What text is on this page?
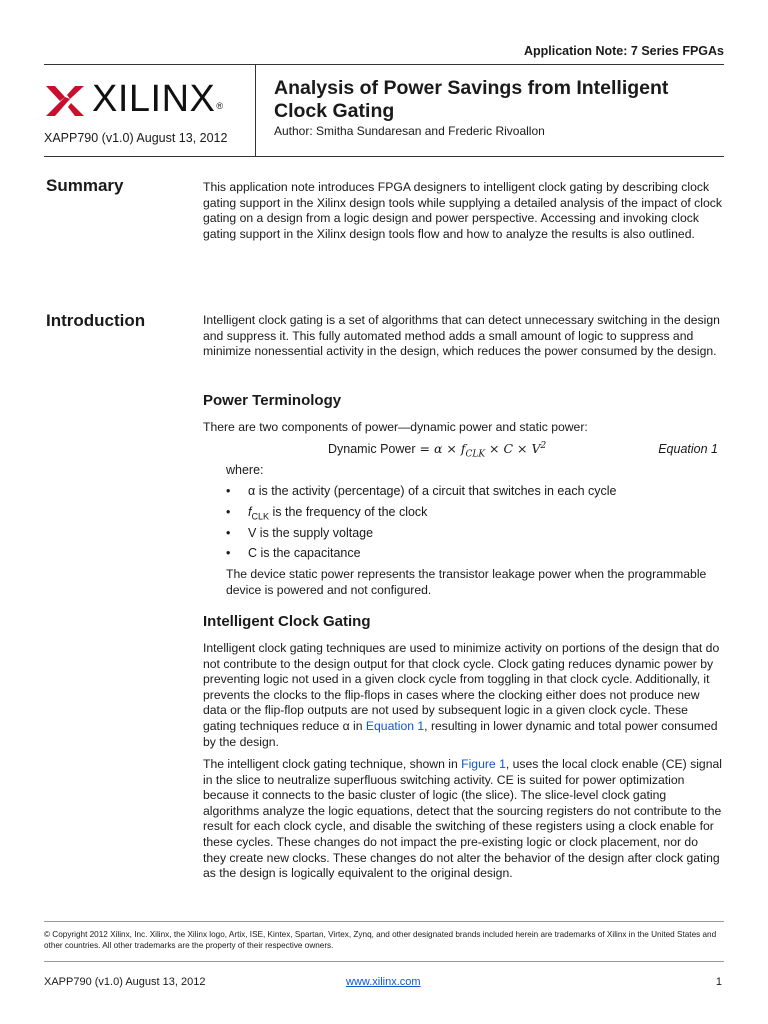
Application Note: 7 Series FPGAs
XILINX®
XAPP790 (v1.0) August 13, 2012
Analysis of Power Savings from Intelligent Clock Gating
Author: Smitha Sundaresan and Frederic Rivoallon
Summary	This application note introduces FPGA designers to intelligent clock gating by describing clock gating support in the Xilinx design tools while supplying a detailed analysis of the impact of clock gating on a design from a logic design and power perspective. Accessing and invoking clock gating support in the Xilinx design tools flow and how to analyze the results is also outlined.
Introduction	Intelligent clock gating is a set of algorithms that can detect unnecessary switching in the design and suppress it. This fully automated method adds a small amount of logic to suppress and minimize nonessential activity in the design, which reduces the power consumed by the design.
Power Terminology
There are two components of power—dynamic power and static power:
Dynamic Power = $\alpha \times f_{CLK} \times C \times V^2$	Equation 1
where:
• α is the activity (percentage) of a circuit that switches in each cycle
• $f_{CLK}$ is the frequency of the clock
• V is the supply voltage
• C is the capacitance
The device static power represents the transistor leakage power when the programmable device is powered and not configured.
Intelligent Clock Gating
Intelligent clock gating techniques are used to minimize activity on portions of the design that do not contribute to the design output for that clock cycle. Clock gating reduces dynamic power by preventing logic not used in a given clock cycle from toggling in that clock cycle. Additionally, it prevents the clocks to the flip-flops in cases where the clocking either does not produce new data or the flip-flop outputs are not used by subsequent logic in a given clock cycle. These gating techniques reduce α in Equation 1, resulting in lower dynamic and total power consumed by the design.
The intelligent clock gating technique, shown in Figure 1, uses the local clock enable (CE) signal in the slice to neutralize superfluous switching activity. CE is suited for power optimization because it connects to the basic cluster of logic (the slice). The slice-level clock gating algorithms analyze the logic equations, detect that the sourcing registers do not contribute to the result for each clock cycle, and disable the switching of these registers using a clock enable for these cycles. These changes do not impact the pre-existing logic or clock placement, nor do they create new clocks. These changes do not alter the behavior of the design after clock gating as the design is logically equivalent to the original design.
© Copyright 2012 Xilinx, Inc. Xilinx, the Xilinx logo, Artix, ISE, Kintex, Spartan, Virtex, Zynq, and other designated brands included herein are trademarks of Xilinx in the United States and other countries. All other trademarks are the property of their respective owners.
XAPP790 (v1.0) August 13, 2012	www.xilinx.com	1
